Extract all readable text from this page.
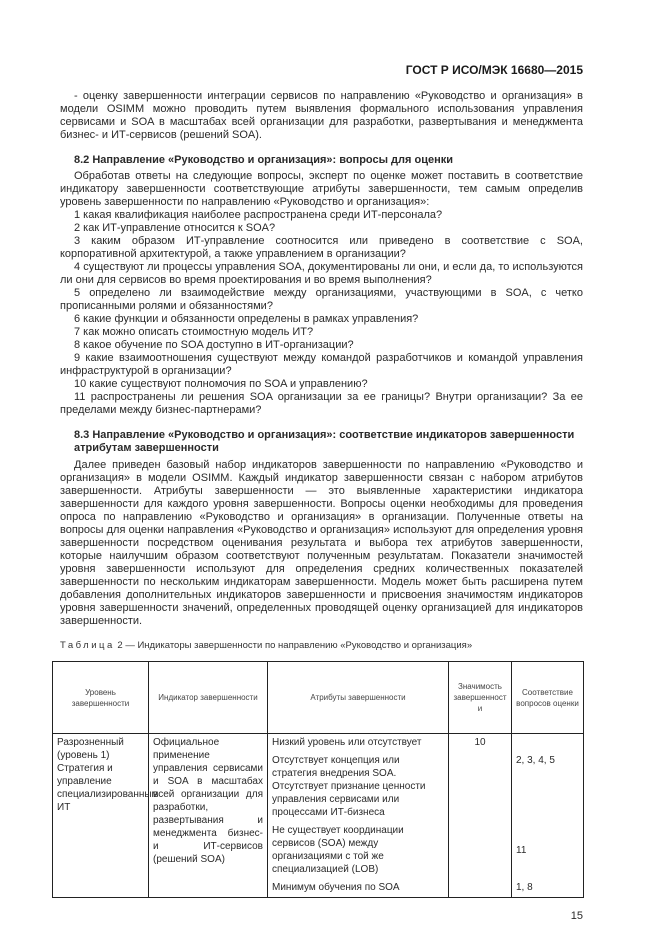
ГОСТ Р ИСО/МЭК 16680—2015

- оценку завершенности интеграции сервисов по направлению «Руководство и организация» в модели OSIMM можно проводить путем выявления формального использования управления сервисами и SOA в масштабах всей организации для разработки, развертывания и менеджмента бизнес- и ИТ-сервисов (решений SOA).

8.2 Направление «Руководство и организация»: вопросы для оценки

Обработав ответы на следующие вопросы, эксперт по оценке может поставить в соответствие индикатору завершенности соответствующие атрибуты завершенности, тем самым определив уровень завершенности по направлению «Руководство и организация»:

1 какая квалификация наиболее распространена среди ИТ-персонала?

2 как ИТ-управление относится к SOA?

3 каким образом ИТ-управление соотносится или приведено в соответствие с SOA, корпоративной архитектурой, а также управлением в организации?

4 существуют ли процессы управления SOA, документированы ли они, и если да, то используются ли они для сервисов во время проектирования и во время выполнения?

5 определено ли взаимодействие между организациями, участвующими в SOA, с четко прописанными ролями и обязанностями?

6 какие функции и обязанности определены в рамках управления?

7 как можно описать стоимостную модель ИТ?

8 какое обучение по SOA доступно в ИТ-организации?

9 какие взаимоотношения существуют между командой разработчиков и командой управления инфраструктурой в организации?

10 какие существуют полномочия по SOA и управлению?

11 распространены ли решения SOA организации за ее границы? Внутри организации? За ее пределами между бизнес-партнерами?

8.3 Направление «Руководство и организация»: соответствие индикаторов завершенности атрибутам завершенности

Далее приведен базовый набор индикаторов завершенности по направлению «Руководство и организация» в модели OSIMM. Каждый индикатор завершенности связан с набором атрибутов завершенности. Атрибуты завершенности — это выявленные характеристики индикатора завершенности для каждого уровня завершенности. Вопросы оценки необходимы для проведения опроса по направлению «Руководство и организация» в организации. Полученные ответы на вопросы для оценки направления «Руководство и организация» используют для определения уровня завершенности посредством оценивания результата и выбора тех атрибутов завершенности, которые наилучшим образом соответствуют полученным результатам. Показатели значимостей уровня завершенности используют для определения средних количественных показателей завершенности по нескольким индикаторам завершенности. Модель может быть расширена путем добавления дополнительных индикаторов завершенности и присвоения значимостям индикаторов уровня завершенности значений, определенных проводящей оценку организацией для индикаторов завершенности.

Таблица 2 — Индикаторы завершенности по направлению «Руководство и организация»
Уровень завершенности	Индикатор завершенности	Атрибуты завершенности	Значимость завершенности	Соответствие вопросов оценки
Разрозненный (уровень 1) Стратегия и управление специализированным ИТ	Официальное применение управления сервисами и SOA в масштабах всей организации для разработки, развертывания и менеджмента бизнес- и ИТ-сервисов (решений SOA)	Низкий уровень или отсутствует	10	
		Отсутствует концепция или стратегия внедрения SOA. Отсутствует признание ценности управления сервисами или процессами ИТ-бизнеса		2, 3, 4, 5
		Не существует координации сервисов (SOA) между организациями с той же специализацией (LOB)		11
		Минимум обучения по SOA		1, 8
15
